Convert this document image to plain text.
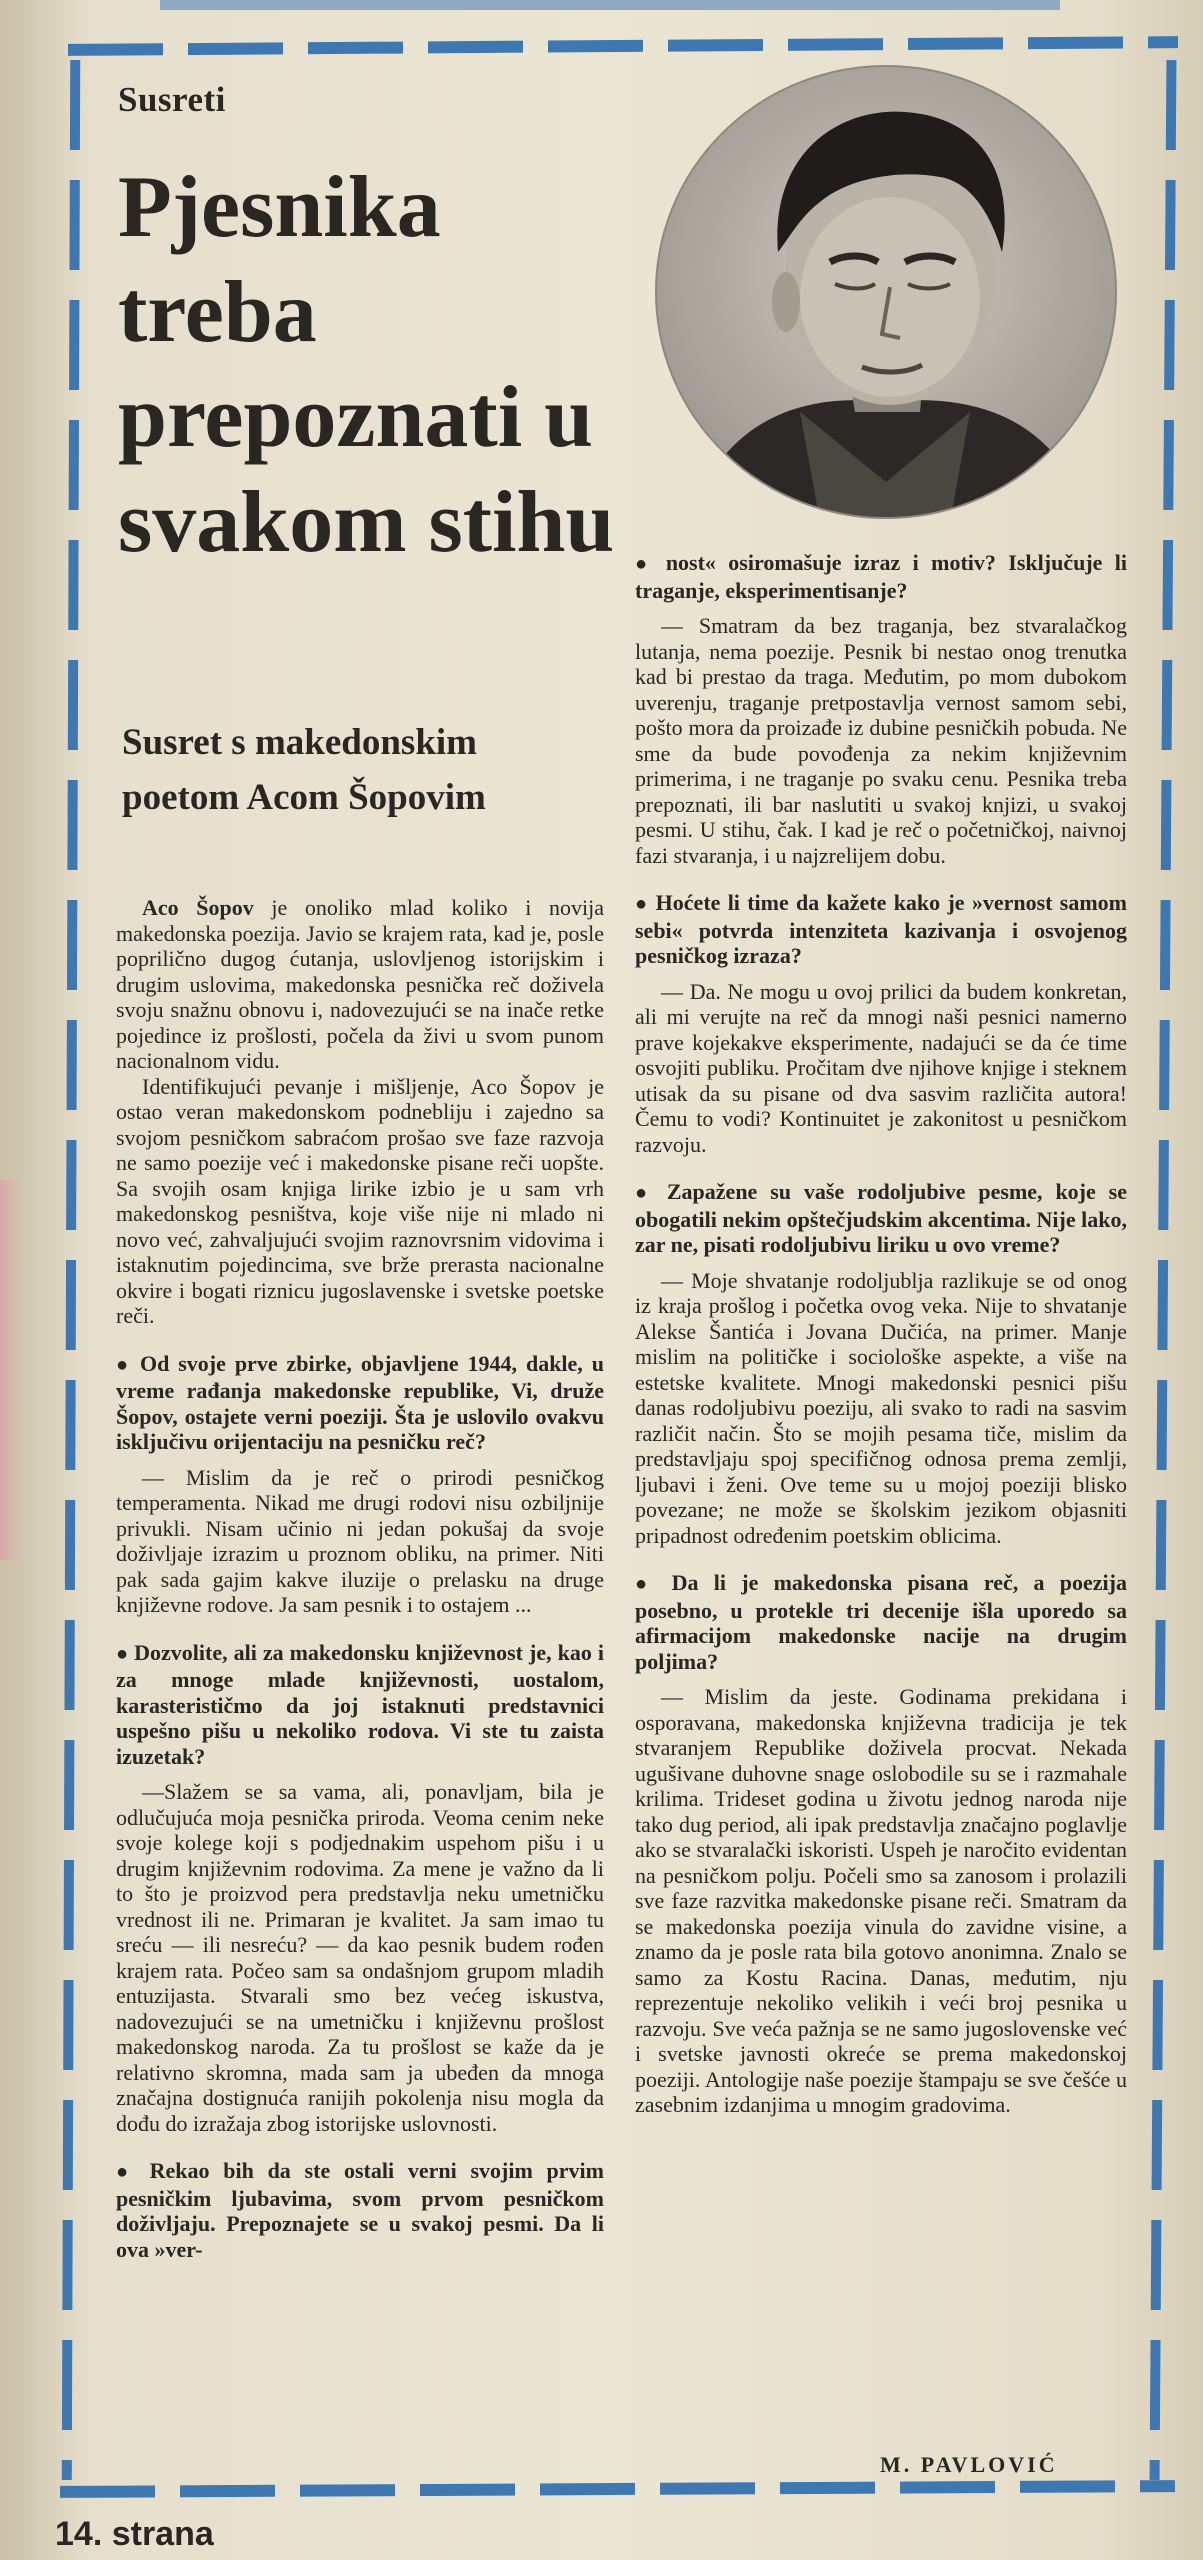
Susreti
Pjesnika treba prepoznati u svakom stihu
Susret s makedonskim poetom Acom Šopovim

Aco Šopov je onoliko mlad koliko i novija makedonska poezija. Javio se krajem rata, kad je, posle poprilično dugog ćutanja, uslovljenog istorijskim i drugim uslovima, makedonska pesnička reč doživela svoju snažnu obnovu i, nadovezujući se na inače retke pojedince iz prošlosti, počela da živi u svom punom nacionalnom vidu.

Identifikujući pevanje i mišljenje, Aco Šopov je ostao veran makedonskom podnebliju i zajedno sa svojom pesničkom sabraćom prošao sve faze razvoja ne samo poezije već i makedonske pisane reči uopšte. Sa svojih osam knjiga lirike izbio je u sam vrh makedonskog pesništva, koje više nije ni mlado ni novo već, zahvaljujući svojim raznovrsnim vidovima i istaknutim pojedincima, sve brže prerasta nacionalne okvire i bogati riznicu jugoslavenske i svetske poetske reči.

● Od svoje prve zbirke, objavljene 1944, dakle, u vreme rađanja makedonske republike, Vi, druže Šopov, ostajete verni poeziji. Šta je uslovilo ovakvu isključivu orijentaciju na pesničku reč?

— Mislim da je reč o prirodi pesničkog temperamenta. Nikad me drugi rodovi nisu ozbiljnije privukli. Nisam učinio ni jedan pokušaj da svoje doživljaje izrazim u proznom obliku, na primer. Niti pak sada gajim kakve iluzije o prelasku na druge književne rodove. Ja sam pesnik i to ostajem ...

● Dozvolite, ali za makedonsku književnost je, kao i za mnoge mlade književnosti, uostalom, karasterističmo da joj istaknuti predstavnici uspešno pišu u nekoliko rodova. Vi ste tu zaista izuzetak?

—Slažem se sa vama, ali, ponavljam, bila je odlučujuća moja pesnička priroda. Veoma cenim neke svoje kolege koji s podjednakim uspehom pišu i u drugim književnim rodovima. Za mene je važno da li to što je proizvod pera predstavlja neku umetničku vrednost ili ne. Primaran je kvalitet. Ja sam imao tu sreću — ili nesreću? — da kao pesnik budem rođen krajem rata. Počeo sam sa ondašnjom grupom mladih entuzijasta. Stvarali smo bez većeg iskustva, nadovezujući se na umetničku i književnu prošlost makedonskog naroda. Za tu prošlost se kaže da je relativno skromna, mada sam ja ubeđen da mnoga značajna dostignuća ranijih pokolenja nisu mogla da dođu do izražaja zbog istorijske uslovnosti.

● Rekao bih da ste ostali verni svojim prvim pesničkim ljubavima, svom prvom pesničkom doživljaju. Prepoznajete se u svakoj pesmi. Da li ova »ver-

● nost« osiromašuje izraz i motiv? Isključuje li traganje, eksperimentisanje?

— Smatram da bez traganja, bez stvaralačkog lutanja, nema poezije. Pesnik bi nestao onog trenutka kad bi prestao da traga. Međutim, po mom dubokom uverenju, traganje pretpostavlja vernost samom sebi, pošto mora da proizađe iz dubine pesničkih pobuda. Ne sme da bude povođenja za nekim književnim primerima, i ne traganje po svaku cenu. Pesnika treba prepoznati, ili bar naslutiti u svakoj knjizi, u svakoj pesmi. U stihu, čak. I kad je reč o početničkoj, naivnoj fazi stvaranja, i u najzrelijem dobu.

● Hoćete li time da kažete kako je »vernost samom sebi« potvrda intenziteta kazivanja i osvojenog pesničkog izraza?

— Da. Ne mogu u ovoj prilici da budem konkretan, ali mi verujte na reč da mnogi naši pesnici namerno prave kojekakve eksperimente, nadajući se da će time osvojiti publiku. Pročitam dve njihove knjige i steknem utisak da su pisane od dva sasvim različita autora! Čemu to vodi? Kontinuitet je zakonitost u pesničkom razvoju.

● Zapažene su vaše rodoljubive pesme, koje se obogatili nekim opštečjudskim akcentima. Nije lako, zar ne, pisati rodoljubivu liriku u ovo vreme?

— Moje shvatanje rodoljublja razlikuje se od onog iz kraja prošlog i početka ovog veka. Nije to shvatanje Aleksе Šantića i Jovana Dučića, na primer. Manje mislim na političke i sociološke aspekte, a više na estetske kvalitete. Mnogi makedonski pesnici pišu danas rodoljubivu poeziju, ali svako to radi na sasvim različit način. Što se mojih pesama tiče, mislim da predstavljaju spoj specifičnog odnosa prema zemlji, ljubavi i ženi. Ove teme su u mojoj poeziji blisko povezane; ne može se školskim jezikom objasniti pripadnost određenim poetskim oblicima.

● Da li je makedonska pisana reč, a poezija posebno, u protekle tri decenije išla uporedo sa afirmacijom makedonske nacije na drugim poljima?

— Mislim da jeste. Godinama prekidana i osporavana, makedonska književna tradicija je tek stvaranjem Republike doživela procvat. Nekada ugušivane duhovne snage oslobodile su se i razmahale krilima. Trideset godina u životu jednog naroda nije tako dug period, ali ipak predstavlja značajno poglavlje ako se stvaralački iskoristi. Uspeh je naročito evidentan na pesničkom polju. Počeli smo sa zanosom i prolazili sve faze razvitka makedonske pisane reči. Smatram da se makedonska poezija vinula do zavidne visine, a znamo da je posle rata bila gotovo anonimna. Znalo se samo za Kostu Racina. Danas, međutim, nju reprezentuje nekoliko velikih i veći broj pesnika u razvoju. Sve veća pažnja se ne samo jugoslovenske već i svetske javnosti okreće se prema makedonskoj poeziji. Antologije naše poezije štampaju se sve češće u zasebnim izdanjima u mnogim gradovima.

M. PAVLOVIĆ
14. strana
